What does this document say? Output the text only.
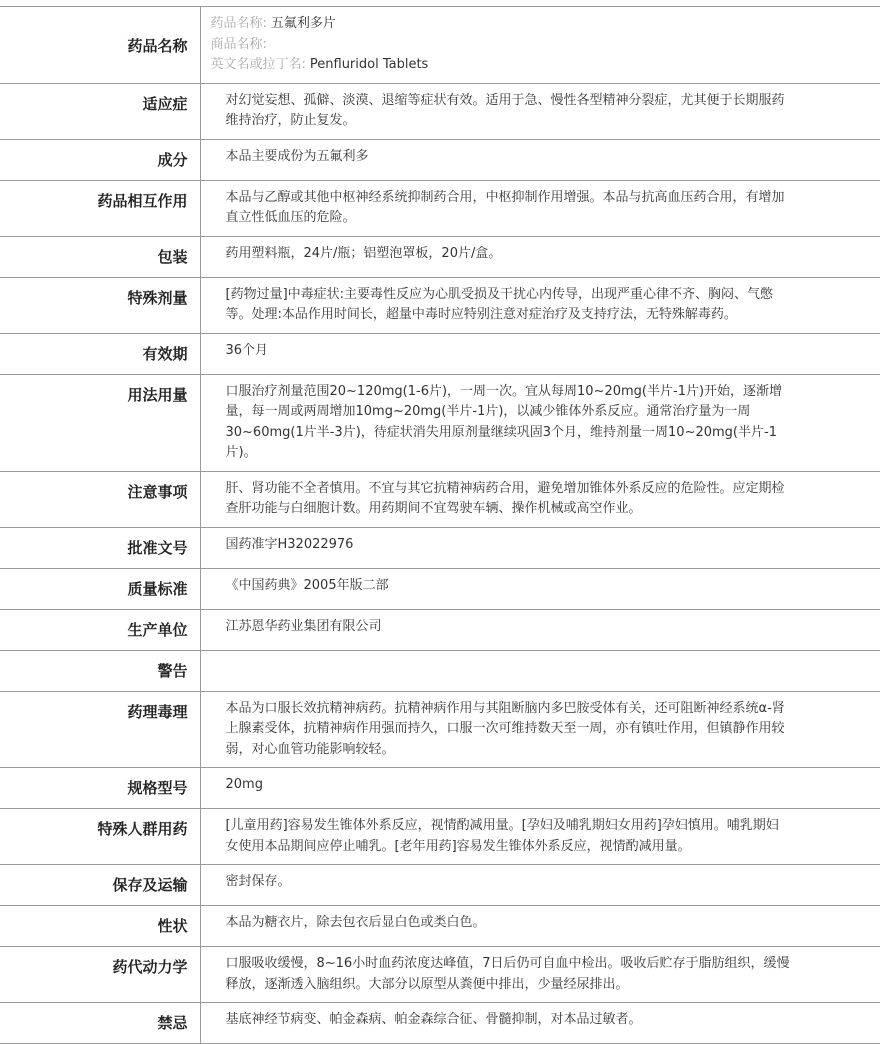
药品名称	药品名称: 五氟利多片
商品名称:
英文名或拉丁名: Penfluridol Tablets

适应症	对幻觉妄想、孤僻、淡漠、退缩等症状有效。适用于急、慢性各型精神分裂症，尤其便于长期服药维持治疗，防止复发。
成分	本品主要成份为五氟利多
药品相互作用	本品与乙醇或其他中枢神经系统抑制药合用，中枢抑制作用增强。本品与抗高血压药合用，有增加直立性低血压的危险。
包装	药用塑料瓶，24片/瓶；铝塑泡罩板，20片/盒。
特殊剂量	[药物过量]中毒症状:主要毒性反应为心肌受损及干扰心内传导，出现严重心律不齐、胸闷、气憋等。处理:本品作用时间长，超量中毒时应特别注意对症治疗及支持疗法，无特殊解毒药。
有效期	36个月
用法用量	口服治疗剂量范围20~120mg(1-6片)，一周一次。宜从每周10~20mg(半片-1片)开始，逐渐增量，每一周或两周增加10mg~20mg(半片-1片)，以减少锥体外系反应。通常治疗量为一周30~60mg(1片半-3片)，待症状消失用原剂量继续巩固3个月，维持剂量一周10~20mg(半片-1片)。
注意事项	肝、肾功能不全者慎用。不宜与其它抗精神病药合用，避免增加锥体外系反应的危险性。应定期检查肝功能与白细胞计数。用药期间不宜驾驶车辆、操作机械或高空作业。
批准文号	国药准字H32022976
质量标准	《中国药典》2005年版二部
生产单位	江苏恩华药业集团有限公司
警告	
药理毒理	本品为口服长效抗精神病药。抗精神病作用与其阻断脑内多巴胺受体有关，还可阻断神经系统α-肾上腺素受体，抗精神病作用强而持久，口服一次可维持数天至一周，亦有镇吐作用，但镇静作用较弱，对心血管功能影响较轻。
规格型号	20mg
特殊人群用药	[儿童用药]容易发生锥体外系反应，视情酌减用量。[孕妇及哺乳期妇女用药]孕妇慎用。哺乳期妇女使用本品期间应停止哺乳。[老年用药]容易发生锥体外系反应，视情酌减用量。
保存及运输	密封保存。
性状	本品为糖衣片，除去包衣后显白色或类白色。
药代动力学	口服吸收缓慢，8~16小时血药浓度达峰值，7日后仍可自血中检出。吸收后贮存于脂肪组织，缓慢释放，逐渐透入脑组织。大部分以原型从粪便中排出，少量经尿排出。
禁忌	基底神经节病变、帕金森病、帕金森综合征、骨髓抑制，对本品过敏者。
